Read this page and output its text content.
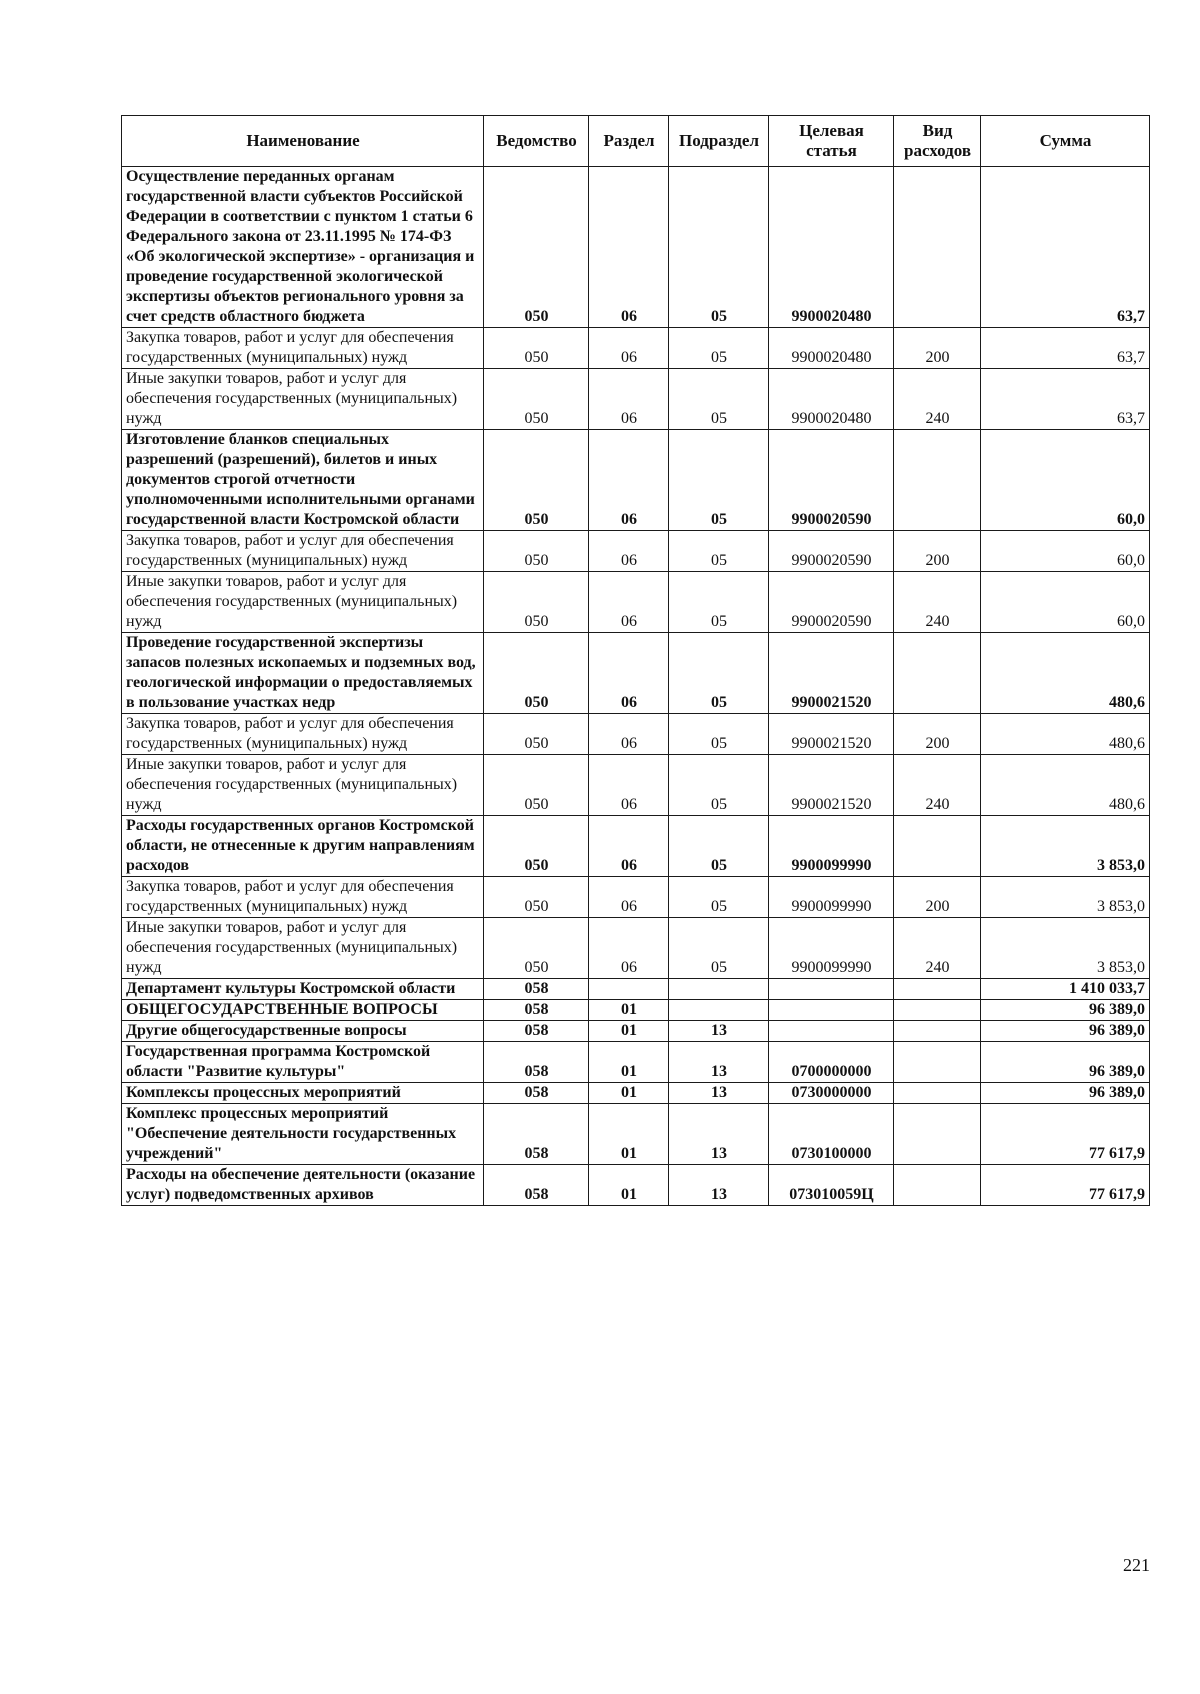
Наименование	Ведомство	Раздел	Подраздел	Целевая статья	Вид расходов	Сумма
Осуществление переданных органам государственной власти субъектов Российской Федерации в соответствии с пунктом 1 статьи 6 Федерального закона от 23.11.1995 № 174-ФЗ «Об экологической экспертизе» - организация и проведение государственной экологической экспертизы объектов регионального уровня за счет средств областного бюджета	050	06	05	9900020480		63,7
Закупка товаров, работ и услуг для обеспечения государственных (муниципальных) нужд	050	06	05	9900020480	200	63,7
Иные закупки товаров, работ и услуг для обеспечения государственных (муниципальных) нужд	050	06	05	9900020480	240	63,7
Изготовление бланков специальных разрешений (разрешений), билетов и иных документов строгой отчетности уполномоченными исполнительными органами государственной власти Костромской области	050	06	05	9900020590		60,0
Закупка товаров, работ и услуг для обеспечения государственных (муниципальных) нужд	050	06	05	9900020590	200	60,0
Иные закупки товаров, работ и услуг для обеспечения государственных (муниципальных) нужд	050	06	05	9900020590	240	60,0
Проведение государственной экспертизы запасов полезных ископаемых и подземных вод, геологической информации о предоставляемых в пользование участках недр	050	06	05	9900021520		480,6
Закупка товаров, работ и услуг для обеспечения государственных (муниципальных) нужд	050	06	05	9900021520	200	480,6
Иные закупки товаров, работ и услуг для обеспечения государственных (муниципальных) нужд	050	06	05	9900021520	240	480,6
Расходы государственных органов Костромской области, не отнесенные к другим направлениям расходов	050	06	05	9900099990		3 853,0
Закупка товаров, работ и услуг для обеспечения государственных (муниципальных) нужд	050	06	05	9900099990	200	3 853,0
Иные закупки товаров, работ и услуг для обеспечения государственных (муниципальных) нужд	050	06	05	9900099990	240	3 853,0
Департамент культуры Костромской области	058					1 410 033,7
ОБЩЕГОСУДАРСТВЕННЫЕ ВОПРОСЫ	058	01				96 389,0
Другие общегосударственные вопросы	058	01	13			96 389,0
Государственная программа Костромской области "Развитие культуры"	058	01	13	0700000000		96 389,0
Комплексы процессных мероприятий	058	01	13	0730000000		96 389,0
Комплекс процессных мероприятий "Обеспечение деятельности государственных учреждений"	058	01	13	0730100000		77 617,9
Расходы на обеспечение деятельности (оказание услуг) подведомственных архивов	058	01	13	073010059Ц		77 617,9
221
